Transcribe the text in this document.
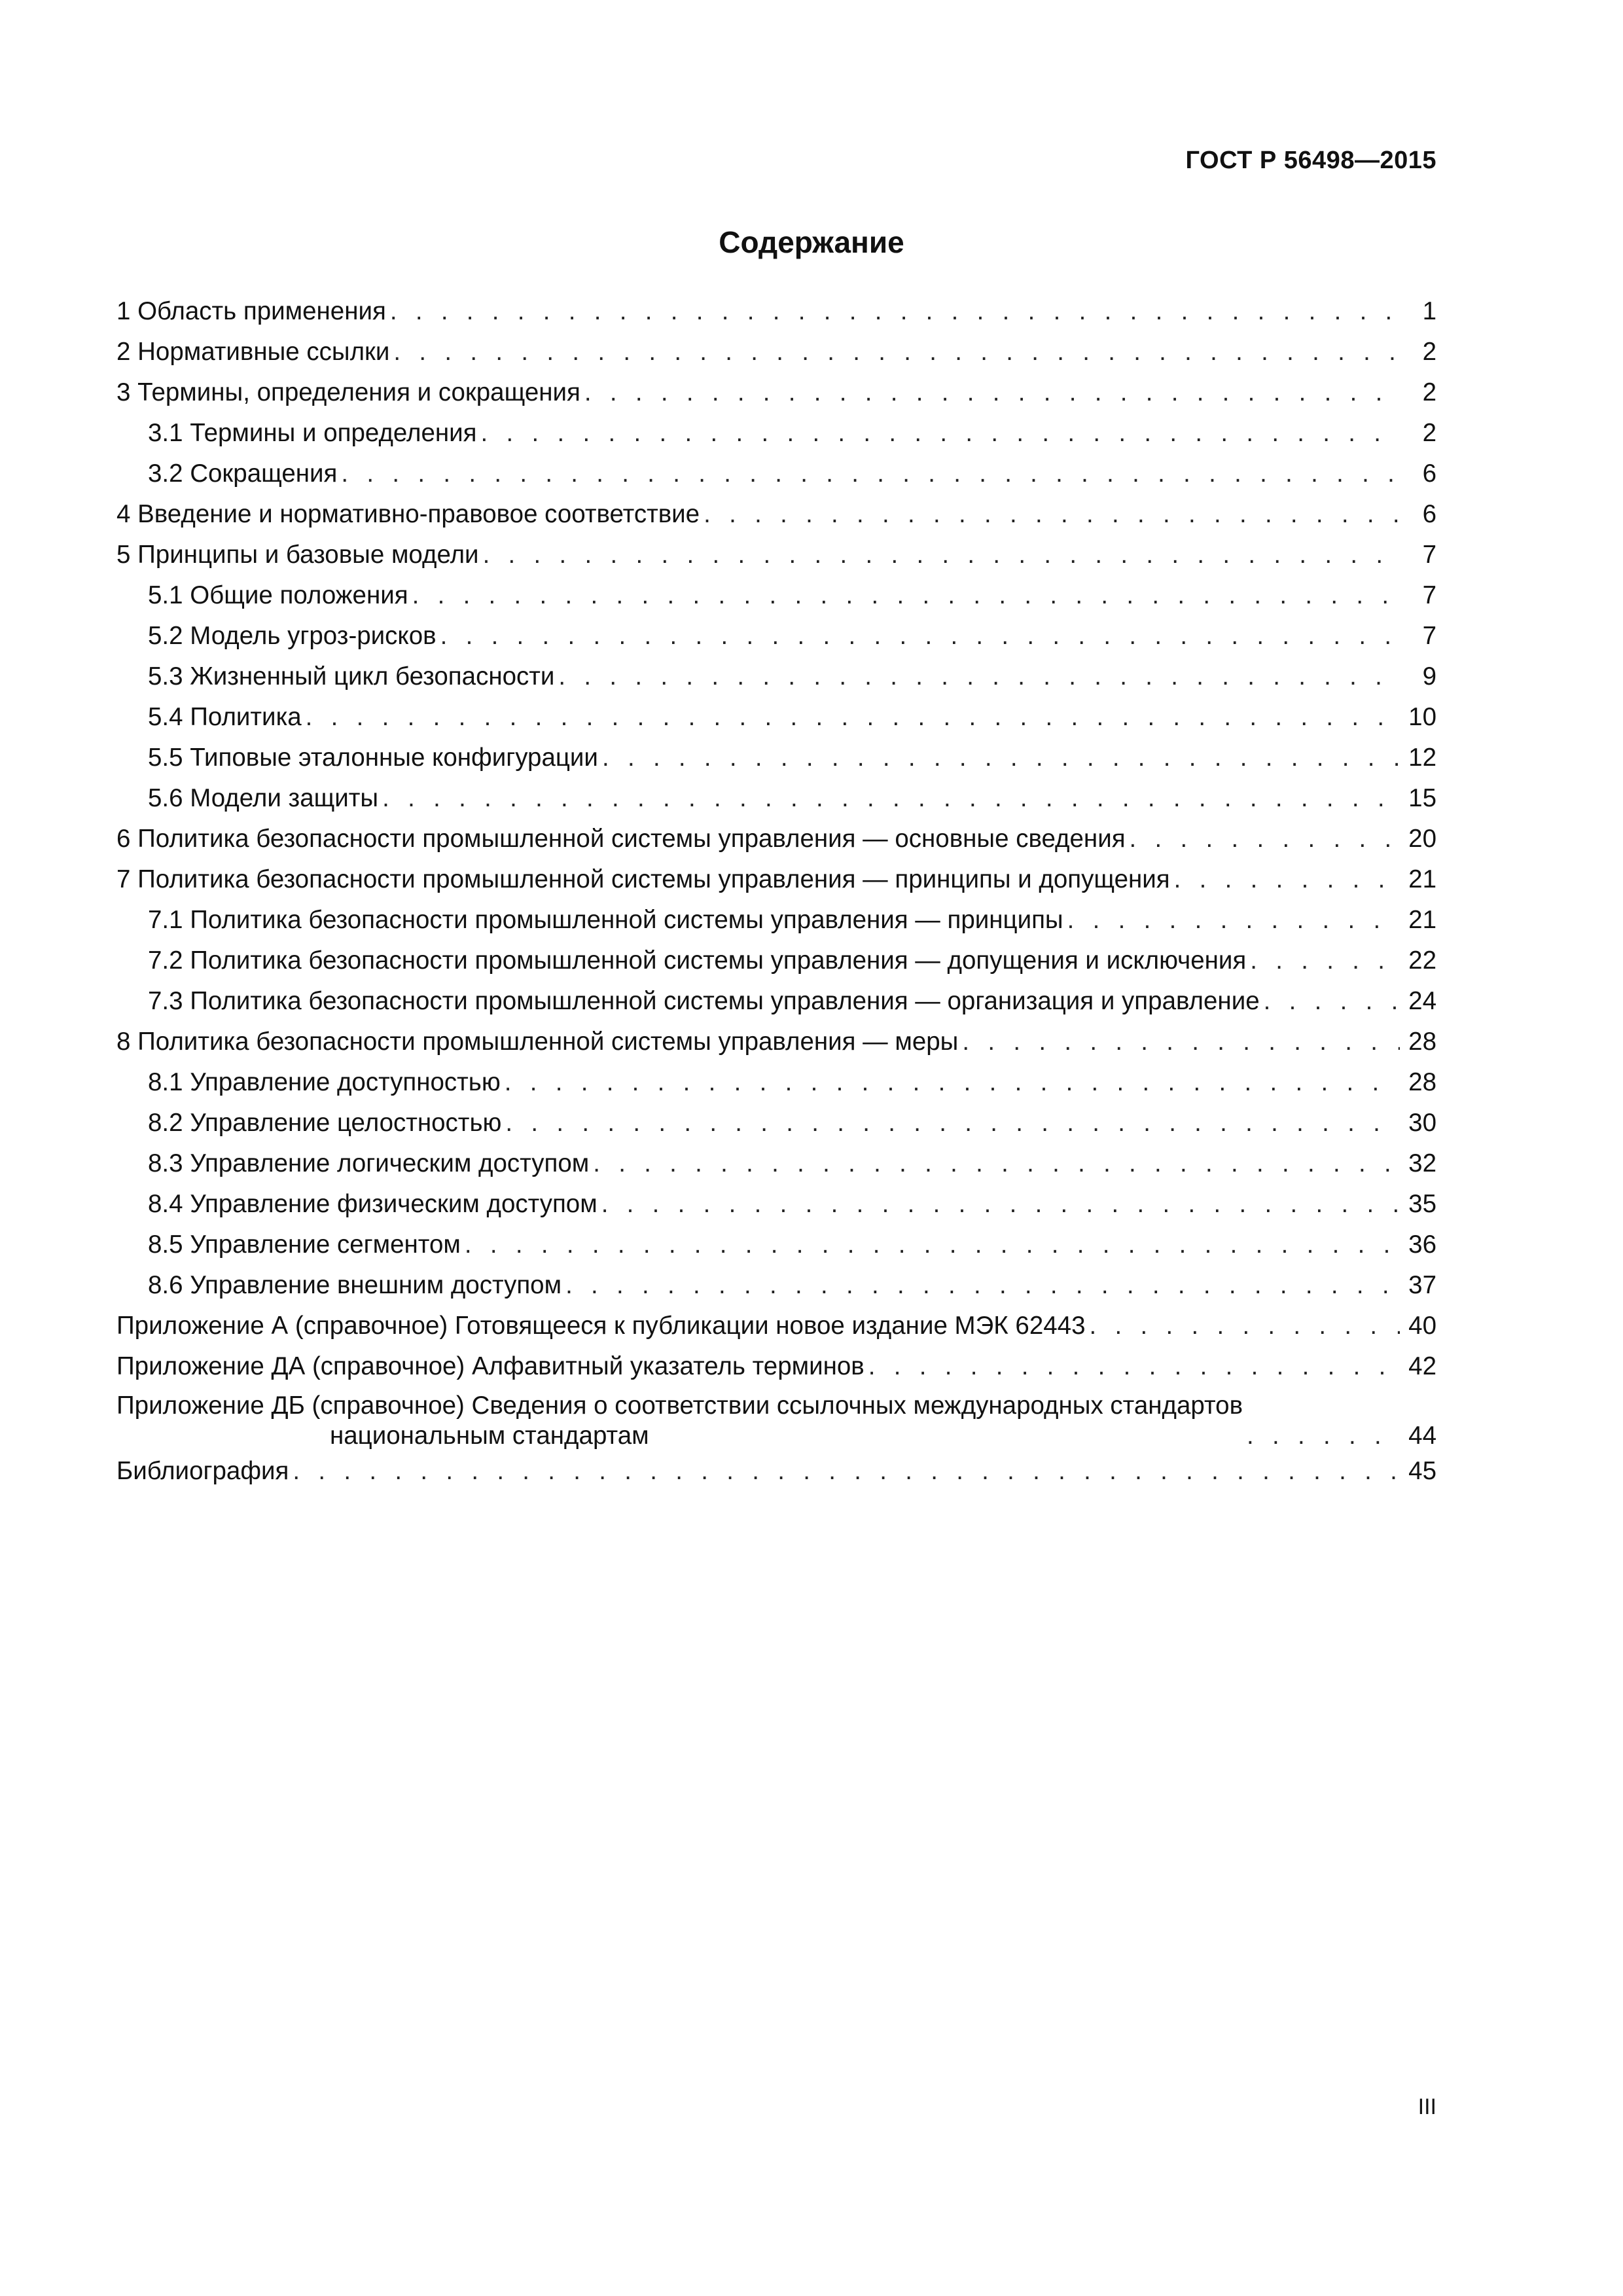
ГОСТ Р 56498—2015
Содержание
1 Область применения . . .	1
2 Нормативные ссылки . . .	2
3 Термины, определения и сокращения . . .	2
3.1 Термины и определения . . .	2
3.2 Сокращения . . .	6
4 Введение и нормативно-правовое соответствие . . .	6
5 Принципы и базовые модели . . .	7
5.1 Общие положения . . .	7
5.2 Модель угроз-рисков . . .	7
5.3 Жизненный цикл безопасности . . .	9
5.4 Политика . . .	10
5.5 Типовые эталонные конфигурации . . .	12
5.6 Модели защиты . . .	15
6 Политика безопасности промышленной системы управления — основные сведения . . .	20
7 Политика безопасности промышленной системы управления — принципы и допущения . . .	21
7.1 Политика безопасности промышленной системы управления — принципы . . .	21
7.2 Политика безопасности промышленной системы управления — допущения и исключения . . .	22
7.3 Политика безопасности промышленной системы управления — организация и управление . . .	24
8 Политика безопасности промышленной системы управления — меры . . .	28
8.1 Управление доступностью . . .	28
8.2 Управление целостностью . . .	30
8.3 Управление логическим доступом . . .	32
8.4 Управление физическим доступом . . .	35
8.5 Управление сегментом . . .	36
8.6 Управление внешним доступом . . .	37
Приложение А (справочное) Готовящееся к публикации новое издание МЭК 62443 . . .	40
Приложение ДА (справочное) Алфавитный указатель терминов . . .	42
Приложение ДБ (справочное) Сведения о соответствии ссылочных международных стандартов
национальным стандартам . . .	44
Библиография . . .	45
III
